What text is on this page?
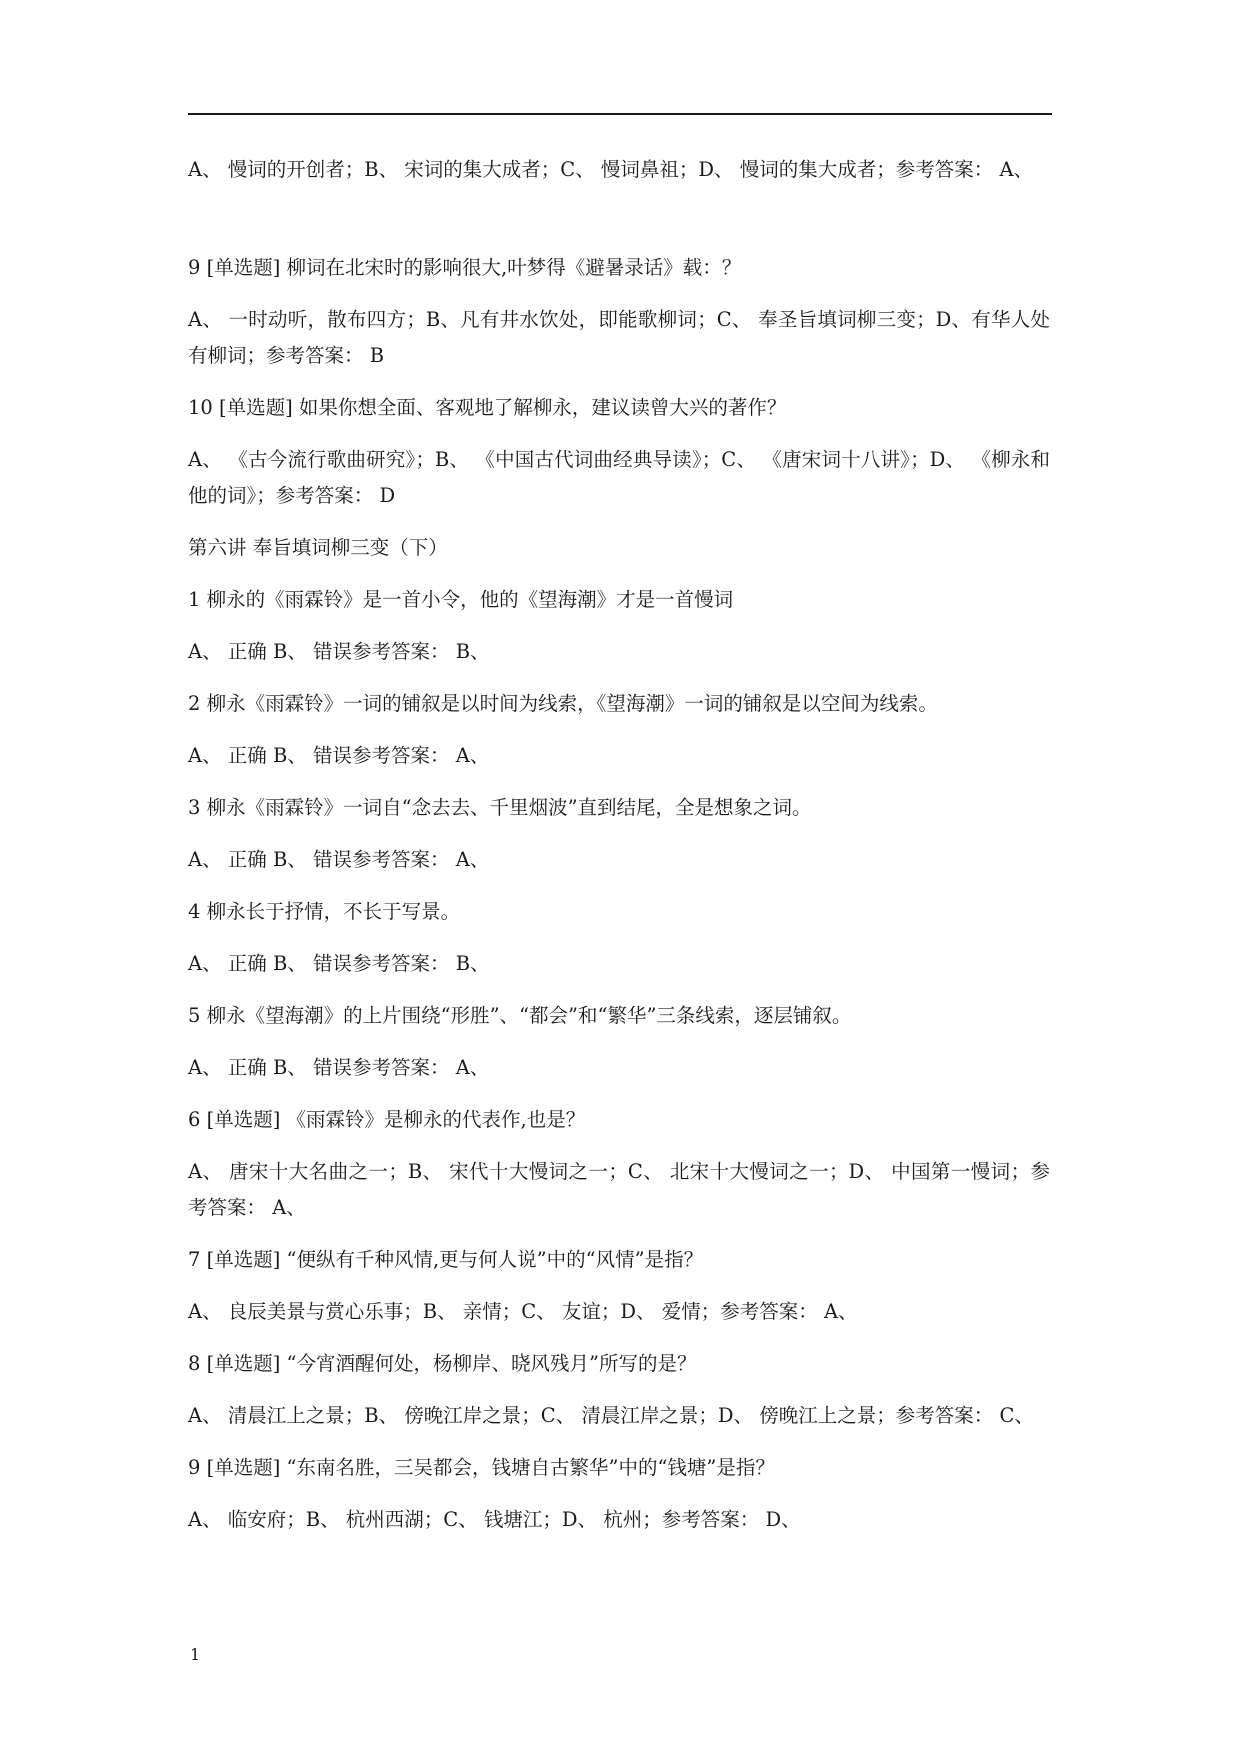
A、 慢词的开创者；B、 宋词的集大成者；C、 慢词鼻祖；D、 慢词的集大成者；参考答案： A、

9 [单选题] 柳词在北宋时的影响很大,叶梦得《避暑录话》载：？

A、 一时动听，散布四方；B、凡有井水饮处，即能歌柳词；C、 奉圣旨填词柳三变；D、有华人处有柳词；参考答案： B

10 [单选题] 如果你想全面、客观地了解柳永，建议读曾大兴的著作？

A、 《古今流行歌曲研究》；B、 《中国古代词曲经典导读》；C、 《唐宋词十八讲》；D、 《柳永和他的词》；参考答案： D

第六讲 奉旨填词柳三变（下）

1 柳永的《雨霖铃》是一首小令，他的《望海潮》才是一首慢词

A、 正确 B、 错误参考答案： B、

2 柳永《雨霖铃》一词的铺叙是以时间为线索，《望海潮》一词的铺叙是以空间为线索。

A、 正确 B、 错误参考答案： A、

3 柳永《雨霖铃》一词自“念去去、千里烟波”直到结尾，全是想象之词。

A、 正确 B、 错误参考答案： A、

4 柳永长于抒情，不长于写景。

A、 正确 B、 错误参考答案： B、

5 柳永《望海潮》的上片围绕“形胜”、“都会”和“繁华”三条线索，逐层铺叙。

A、 正确 B、 错误参考答案： A、

6 [单选题] 《雨霖铃》是柳永的代表作,也是？

A、 唐宋十大名曲之一；B、 宋代十大慢词之一；C、 北宋十大慢词之一；D、 中国第一慢词；参考答案： A、

7 [单选题] “便纵有千种风情,更与何人说”中的“风情”是指？

A、 良辰美景与赏心乐事；B、 亲情；C、 友谊；D、 爱情；参考答案： A、

8 [单选题] “今宵酒醒何处，杨柳岸、晓风残月”所写的是？

A、 清晨江上之景；B、 傍晚江岸之景；C、 清晨江岸之景；D、 傍晚江上之景；参考答案： C、

9 [单选题] “东南名胜，三吴都会，钱塘自古繁华”中的“钱塘”是指？

A、 临安府；B、 杭州西湖；C、 钱塘江；D、 杭州；参考答案： D、

1
